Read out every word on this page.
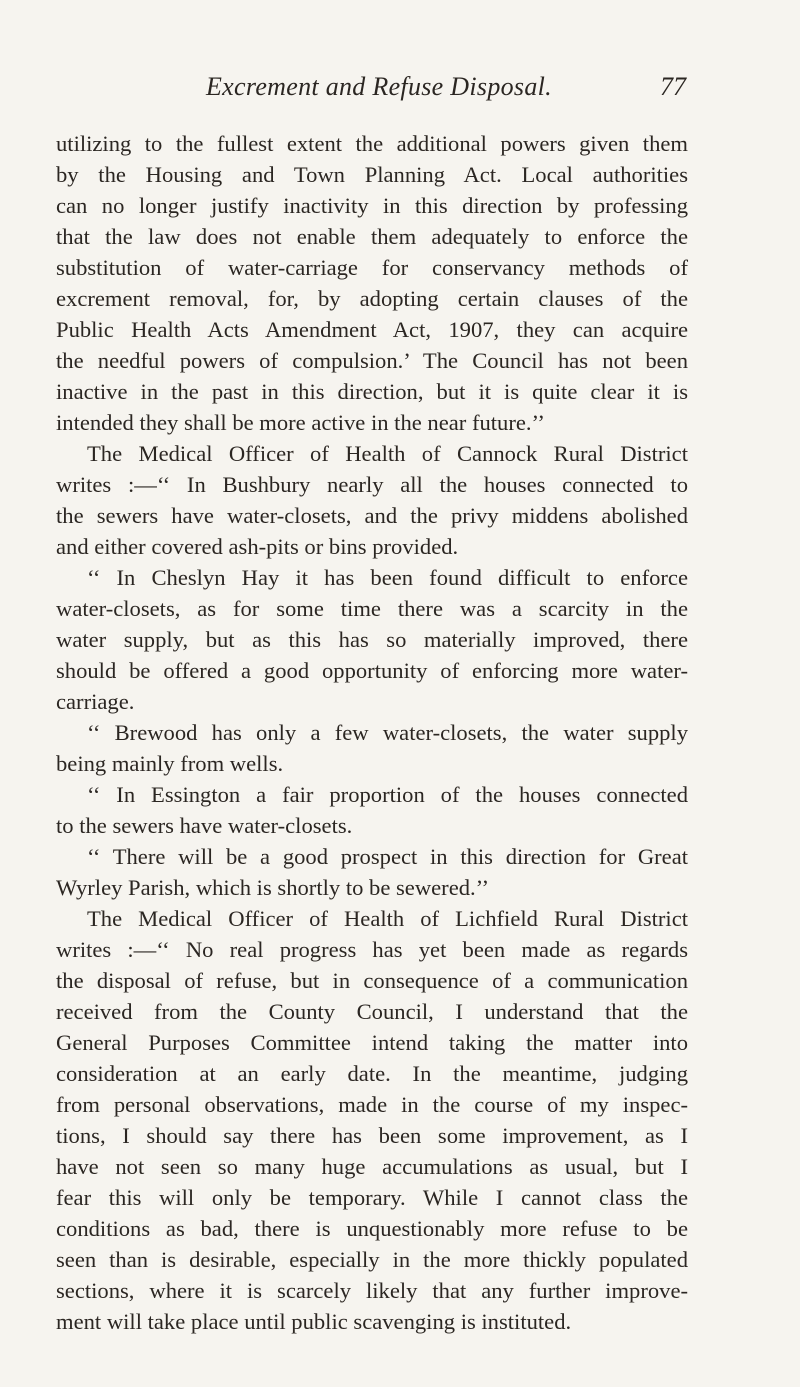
Excrement and Refuse Disposal.	77
utilizing to the fullest extent the additional powers given them
by the Housing and Town Planning Act. Local authorities
can no longer justify inactivity in this direction by professing
that the law does not enable them adequately to enforce the
substitution of water-carriage for conservancy methods of
excrement removal, for, by adopting certain clauses of the
Public Health Acts Amendment Act, 1907, they can acquire
the needful powers of compulsion.’ The Council has not been
inactive in the past in this direction, but it is quite clear it is
intended they shall be more active in the near future.’’
The Medical Officer of Health of Cannock Rural District
writes :—‘‘ In Bushbury nearly all the houses connected to
the sewers have water-closets, and the privy middens abolished
and either covered ash-pits or bins provided.
‘‘ In Cheslyn Hay it has been found difficult to enforce
water-closets, as for some time there was a scarcity in the
water supply, but as this has so materially improved, there
should be offered a good opportunity of enforcing more water-
carriage.
‘‘ Brewood has only a few water-closets, the water supply
being mainly from wells.
‘‘ In Essington a fair proportion of the houses connected
to the sewers have water-closets.
‘‘ There will be a good prospect in this direction for Great
Wyrley Parish, which is shortly to be sewered.’’
The Medical Officer of Health of Lichfield Rural District
writes :—‘‘ No real progress has yet been made as regards
the disposal of refuse, but in consequence of a communication
received from the County Council, I understand that the
General Purposes Committee intend taking the matter into
consideration at an early date. In the meantime, judging
from personal observations, made in the course of my inspec-
tions, I should say there has been some improvement, as I
have not seen so many huge accumulations as usual, but I
fear this will only be temporary. While I cannot class the
conditions as bad, there is unquestionably more refuse to be
seen than is desirable, especially in the more thickly populated
sections, where it is scarcely likely that any further improve-
ment will take place until public scavenging is instituted.
